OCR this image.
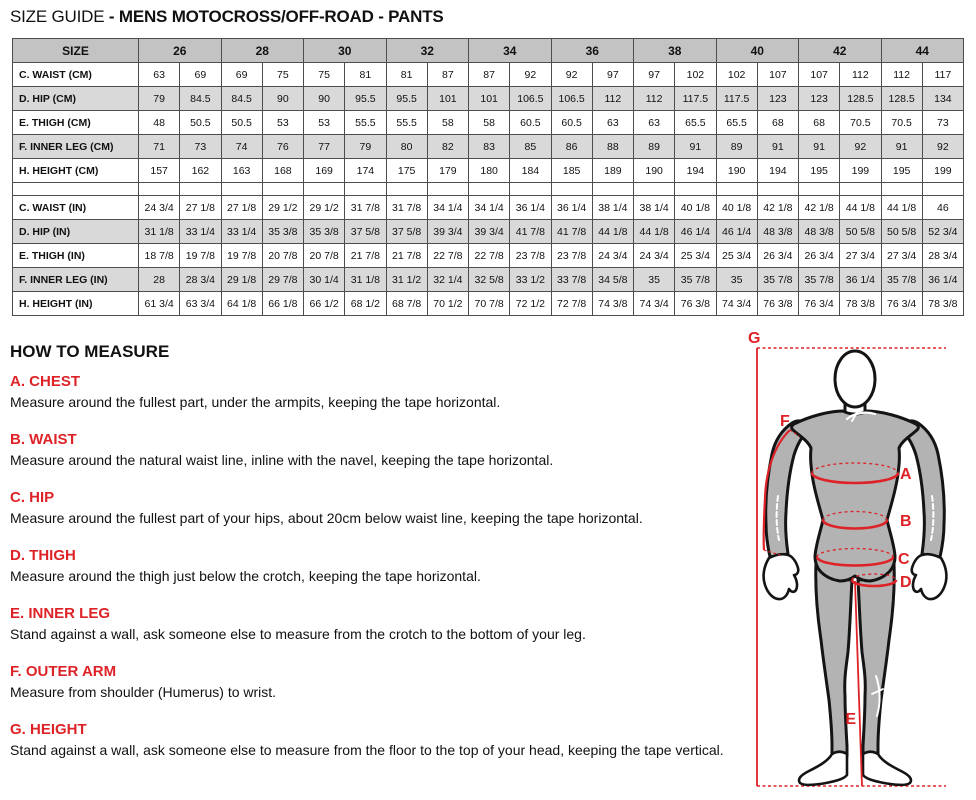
SIZE GUIDE - MENS MOTOCROSS/OFF-ROAD - PANTS
SIZE	26		28		30		32		34		36		38		40		42		44	
C. WAIST (CM)	63	69	69	75	75	81	81	87	87	92	92	97	97	102	102	107	107	112	112	117
D. HIP (CM)	79	84.5	84.5	90	90	95.5	95.5	101	101	106.5	106.5	112	112	117.5	117.5	123	123	128.5	128.5	134
E. THIGH (CM)	48	50.5	50.5	53	53	55.5	55.5	58	58	60.5	60.5	63	63	65.5	65.5	68	68	70.5	70.5	73
F. INNER LEG (CM)	71	73	74	76	77	79	80	82	83	85	86	88	89	91	89	91	91	92	91	92
H. HEIGHT (CM)	157	162	163	168	169	174	175	179	180	184	185	189	190	194	190	194	195	199	195	199

C. WAIST (IN)	24 3/4	27 1/8	27 1/8	29 1/2	29 1/2	31 7/8	31 7/8	34 1/4	34 1/4	36 1/4	36 1/4	38 1/4	38 1/4	40 1/8	40 1/8	42 1/8	42 1/8	44 1/8	44 1/8	46
D. HIP (IN)	31 1/8	33 1/4	33 1/4	35 3/8	35 3/8	37 5/8	37 5/8	39 3/4	39 3/4	41 7/8	41 7/8	44 1/8	44 1/8	46 1/4	46 1/4	48 3/8	48 3/8	50 5/8	50 5/8	52 3/4
E. THIGH (IN)	18 7/8	19 7/8	19 7/8	20 7/8	20 7/8	21 7/8	21 7/8	22 7/8	22 7/8	23 7/8	23 7/8	24 3/4	24 3/4	25 3/4	25 3/4	26 3/4	26 3/4	27 3/4	27 3/4	28 3/4
F. INNER LEG (IN)	28	28 3/4	29 1/8	29 7/8	30 1/4	31 1/8	31 1/2	32 1/4	32 5/8	33 1/2	33 7/8	34 5/8	35	35 7/8	35	35 7/8	35 7/8	36 1/4	35 7/8	36 1/4
H. HEIGHT (IN)	61 3/4	63 3/4	64 1/8	66 1/8	66 1/2	68 1/2	68 7/8	70 1/2	70 7/8	72 1/2	72 7/8	74 3/8	74 3/4	76 3/8	74 3/4	76 3/8	76 3/4	78 3/8	76 3/4	78 3/8
HOW TO MEASURE
A. CHEST

Measure around the fullest part, under the armpits, keeping the tape horizontal.

B. WAIST

Measure around the natural waist line, inline with the navel, keeping the tape horizontal.

C. HIP

Measure around the fullest part of your hips, about 20cm below waist line, keeping the tape horizontal.

D. THIGH

Measure around the thigh just below the crotch, keeping the tape horizontal.

E. INNER LEG

Stand against a wall, ask someone else to measure from the crotch to the bottom of your leg.

F. OUTER ARM

Measure from shoulder (Humerus) to wrist.

G. HEIGHT

Stand against a wall, ask someone else to measure from the floor to the top of your head, keeping the tape vertical.

G
A
B
C
D
E
F
